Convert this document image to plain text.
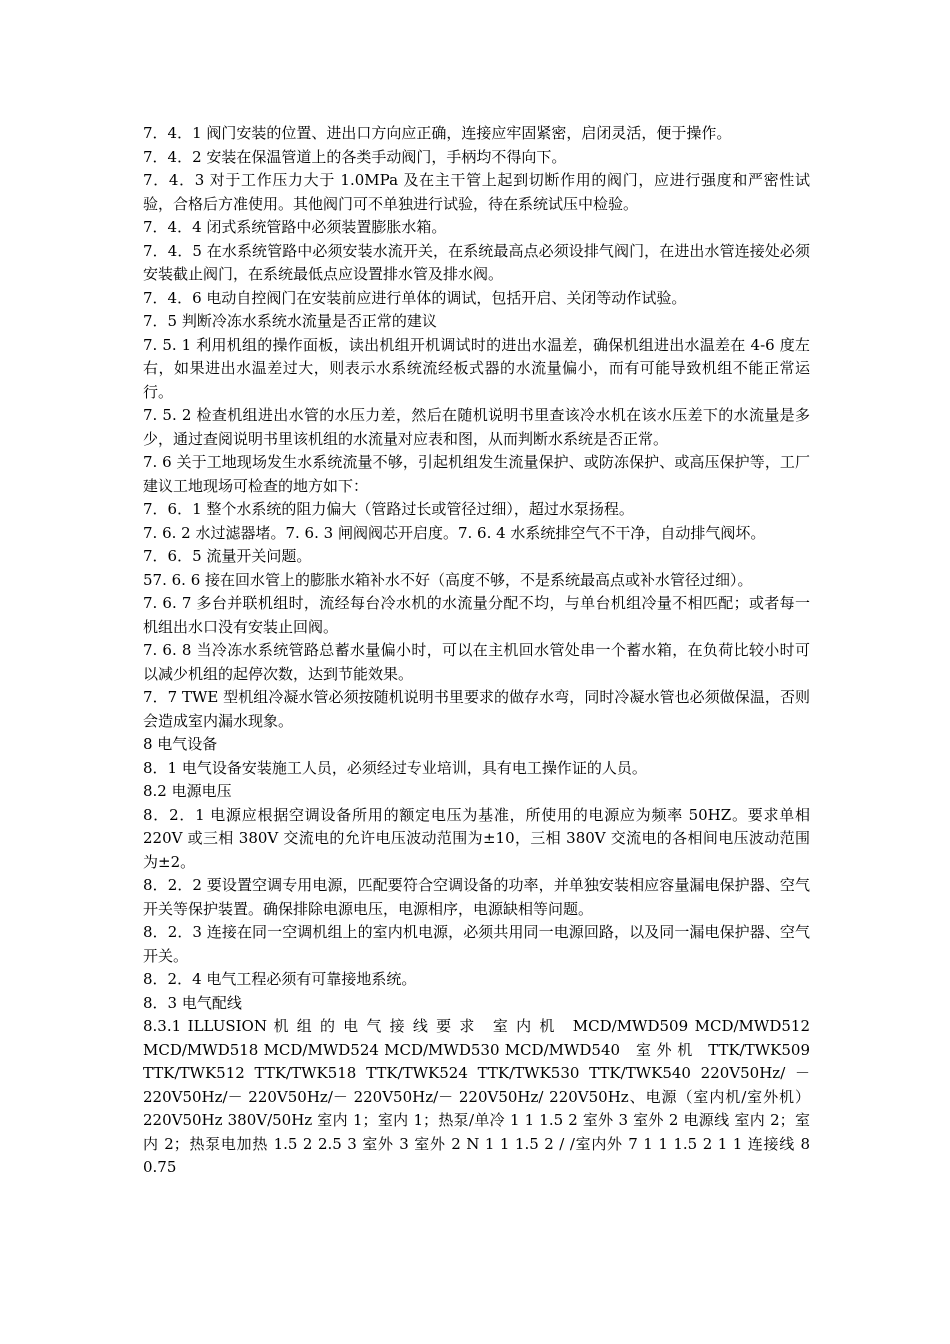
7．4．1 阀门安装的位置、进出口方向应正确，连接应牢固紧密，启闭灵活，便于操作。

7．4．2 安装在保温管道上的各类手动阀门，手柄均不得向下。

7．4．3 对于工作压力大于 1.0MPa 及在主干管上起到切断作用的阀门，应进行强度和严密性试验，合格后方准使用。其他阀门可不单独进行试验，待在系统试压中检验。

7．4．4 闭式系统管路中必须装置膨胀水箱。

7．4．5 在水系统管路中必须安装水流开关，在系统最高点必须设排气阀门，在进出水管连接处必须安装截止阀门，在系统最低点应设置排水管及排水阀。

7．4．6 电动自控阀门在安装前应进行单体的调试，包括开启、关闭等动作试验。

7．5 判断冷冻水系统水流量是否正常的建议

7. 5. 1 利用机组的操作面板，读出机组开机调试时的进出水温差，确保机组进出水温差在 4-6 度左右，如果进出水温差过大，则表示水系统流经板式器的水流量偏小，而有可能导致机组不能正常运行。

7. 5. 2 检查机组进出水管的水压力差，然后在随机说明书里查该冷水机在该水压差下的水流量是多少，通过查阅说明书里该机组的水流量对应表和图，从而判断水系统是否正常。

7. 6 关于工地现场发生水系统流量不够，引起机组发生流量保护、或防冻保护、或高压保护等，工厂建议工地现场可检查的地方如下：

7．6．1 整个水系统的阻力偏大（管路过长或管径过细），超过水泵扬程。

7. 6. 2 水过滤器堵。7. 6. 3 闸阀阀芯开启度。7. 6. 4 水系统排空气不干净，自动排气阀坏。

7．6．5 流量开关问题。

57. 6. 6 接在回水管上的膨胀水箱补水不好（高度不够，不是系统最高点或补水管径过细）。

7. 6. 7 多台并联机组时，流经每台冷水机的水流量分配不均，与单台机组冷量不相匹配；或者每一机组出水口没有安装止回阀。

7. 6. 8 当冷冻水系统管路总蓄水量偏小时，可以在主机回水管处串一个蓄水箱，在负荷比较小时可以减少机组的起停次数，达到节能效果。

7．7 TWE 型机组冷凝水管必须按随机说明书里要求的做存水弯，同时冷凝水管也必须做保温，否则会造成室内漏水现象。

8 电气设备

8．1 电气设备安装施工人员，必须经过专业培训，具有电工操作证的人员。

8.2 电源电压

8．2．1 电源应根据空调设备所用的额定电压为基准，所使用的电源应为频率 50HZ。要求单相 220V 或三相 380V 交流电的允许电压波动范围为±10，三相 380V 交流电的各相间电压波动范围为±2。

8．2．2 要设置空调专用电源，匹配要符合空调设备的功率，并单独安装相应容量漏电保护器、空气开关等保护装置。确保排除电源电压，电源相序，电源缺相等问题。

8．2．3 连接在同一空调机组上的室内机电源，必须共用同一电源回路，以及同一漏电保护器、空气开关。

8．2．4 电气工程必须有可靠接地系统。

8．3 电气配线

8.3.1 ILLUSION 机 组 的 电 气 接 线 要 求　室 内 机　MCD/MWD509 MCD/MWD512 MCD/MWD518 MCD/MWD524 MCD/MWD530 MCD/MWD540　室 外 机　TTK/TWK509 TTK/TWK512 TTK/TWK518 TTK/TWK524 TTK/TWK530 TTK/TWK540 220V50Hz/ － 220V50Hz/－ 220V50Hz/－ 220V50Hz/－ 220V50Hz/ 220V50Hz、电源（室内机/室外机） 220V50Hz 380V/50Hz 室内 1；室内 1；热泵/单冷 1 1 1.5 2 室外 3 室外 2 电源线 室内 2；室内 2；热泵电加热 1.5 2 2.5 3 室外 3 室外 2 N 1 1 1.5 2 / /室内外 7 1 1 1.5 2 1 1 连接线 8 0.75
